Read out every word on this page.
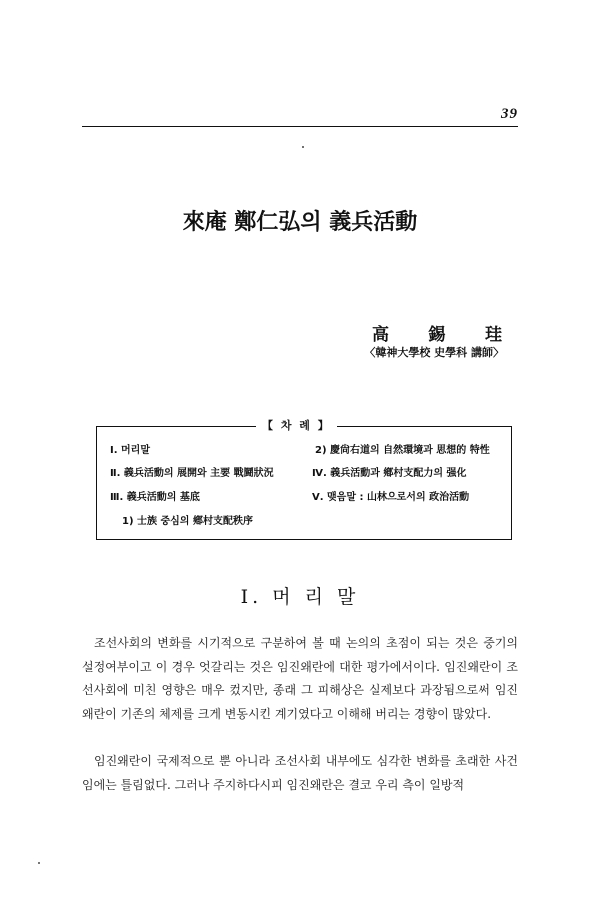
39
來庵 鄭仁弘의 義兵活動
高 錫 珪
〈韓神大學校 史學科 講師〉
【 차 례 】
Ⅰ. 머리말
Ⅱ. 義兵活動의 展開와 主要 戰鬪狀況
Ⅲ. 義兵活動의 基底
1) 士族 중심의 鄕村支配秩序
2) 慶尙右道의 自然環境과 思想的 特性
Ⅳ. 義兵活動과 鄕村支配力의 强化
Ⅴ. 맺음말 : 山林으로서의 政治活動
Ⅰ. 머 리 말
조선사회의 변화를 시기적으로 구분하여 볼 때 논의의 초점이 되는 것은 중기의 설정여부이고 이 경우 엇갈리는 것은 임진왜란에 대한 평가에서이다. 임진왜란이 조선사회에 미친 영향은 매우 컸지만, 종래 그 피해상은 실제보다 과장됨으로써 임진왜란이 기존의 체제를 크게 변동시킨 계기였다고 이해해 버리는 경향이 많았다.
임진왜란이 국제적으로 뿐 아니라 조선사회 내부에도 심각한 변화를 초래한 사건임에는 틀림없다. 그러나 주지하다시피 임진왜란은 결코 우리 측이 일방적
